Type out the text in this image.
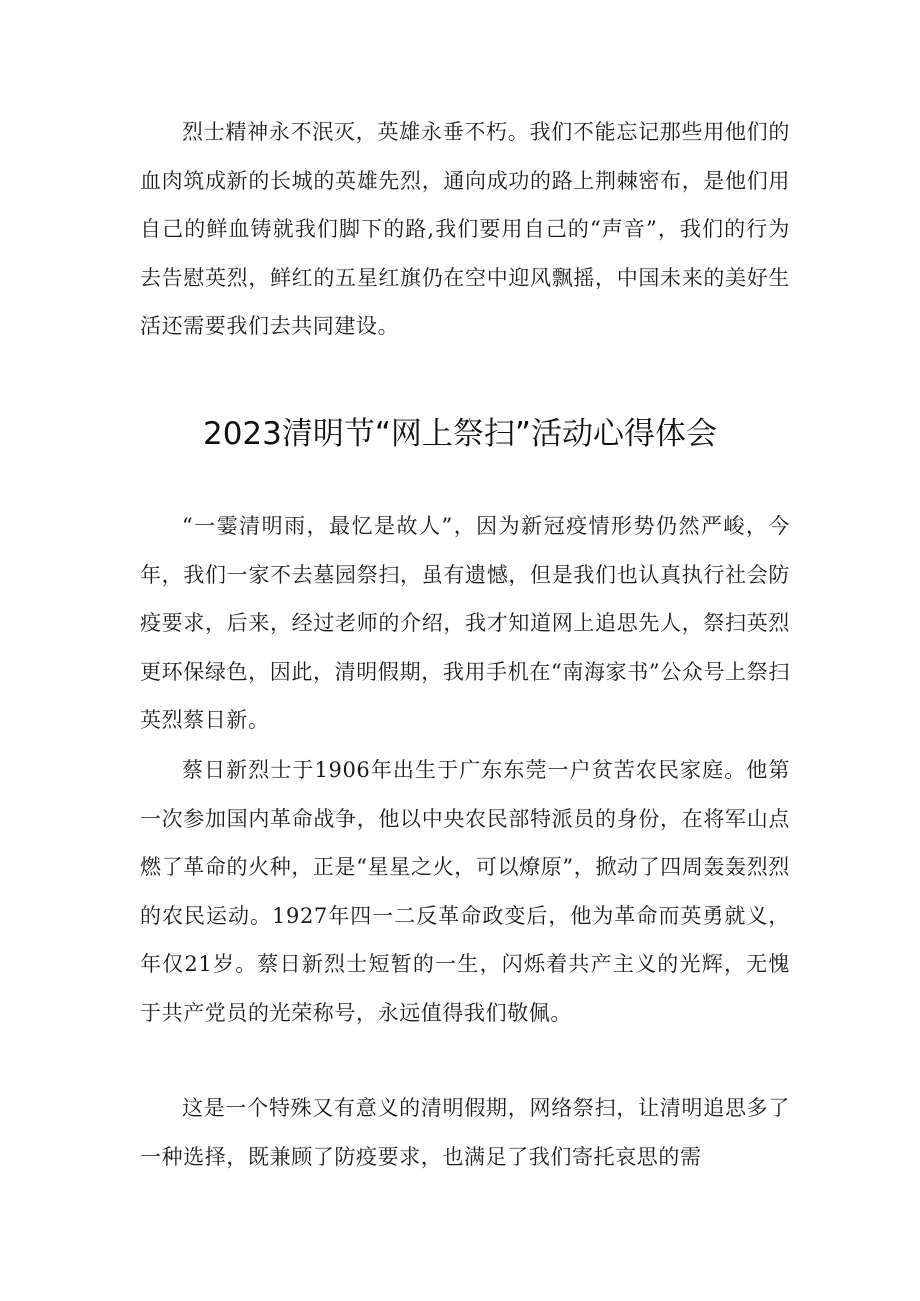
烈士精神永不泯灭，英雄永垂不朽。我们不能忘记那些用他们的血肉筑成新的长城的英雄先烈，通向成功的路上荆棘密布，是他们用自己的鲜血铸就我们脚下的路,我们要用自己的“声音”，我们的行为去告慰英烈，鲜红的五星红旗仍在空中迎风飘摇，中国未来的美好生活还需要我们去共同建设。

2023清明节“网上祭扫”活动心得体会

“一霎清明雨，最忆是故人”，因为新冠疫情形势仍然严峻，今年，我们一家不去墓园祭扫，虽有遗憾，但是我们也认真执行社会防疫要求，后来，经过老师的介绍，我才知道网上追思先人，祭扫英烈更环保绿色，因此，清明假期，我用手机在“南海家书”公众号上祭扫英烈蔡日新。

蔡日新烈士于1906年出生于广东东莞一户贫苦农民家庭。他第一次参加国内革命战争，他以中央农民部特派员的身份，在将军山点燃了革命的火种，正是“星星之火，可以燎原”，掀动了四周轰轰烈烈的农民运动。1927年四一二反革命政变后，他为革命而英勇就义，年仅21岁。蔡日新烈士短暂的一生，闪烁着共产主义的光辉，无愧于共产党员的光荣称号，永远值得我们敬佩。

这是一个特殊又有意义的清明假期，网络祭扫，让清明追思多了一种选择，既兼顾了防疫要求，也满足了我们寄托哀思的需
